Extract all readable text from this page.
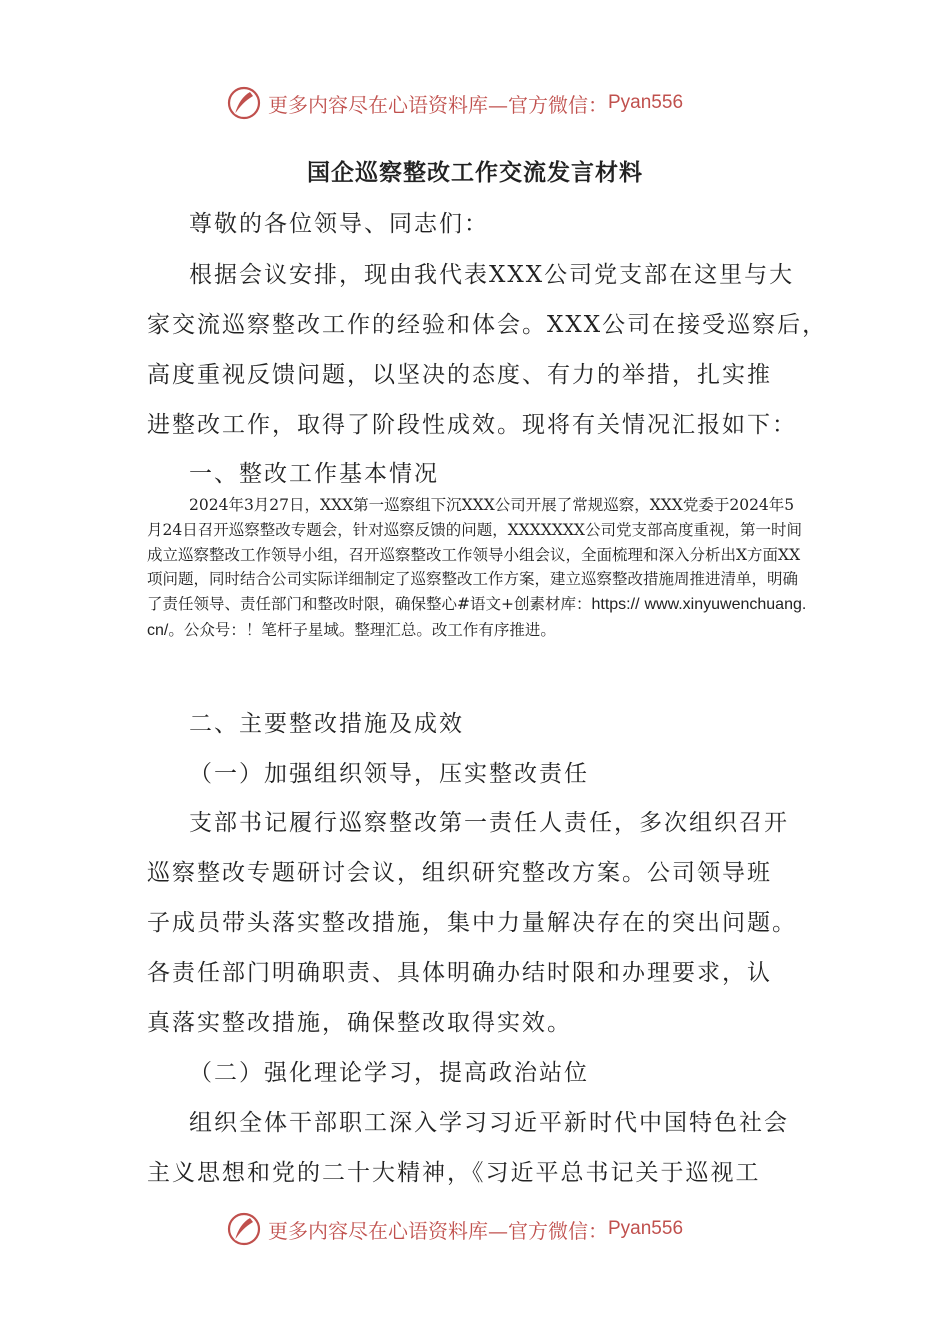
更多内容尽在心语资料库—官方微信： Pyan556
国企巡察整改工作交流发言材料
尊敬的各位领导、同志们：
根据会议安排，现由我代表XXX公司党支部在这里与大
家交流巡察整改工作的经验和体会。XXX公司在接受巡察后，
高度重视反馈问题，以坚决的态度、有力的举措，扎实推
进整改工作，取得了阶段性成效。现将有关情况汇报如下：
一、整改工作基本情况
2024年3月27日，XXX第一巡察组下沉XXX公司开展了常规巡察，XXX党委于2024年5月24日召开巡察整改专题会，针对巡察反馈的问题，XXXXXXX公司党支部高度重视，第一时间成立巡察整改工作领导小组，召开巡察整改工作领导小组会议，全面梳理和深入分析出X方面XX项问题，同时结合公司实际详细制定了巡察整改工作方案，建立巡察整改措施周推进清单，明确了责任领导、责任部门和整改时限，确保整心#语文+创素材库：https:// www.xinyuwenchuang.cn/。公众号：！笔杆子星域。整理汇总。改工作有序推进。
二、主要整改措施及成效
（一）加强组织领导，压实整改责任
支部书记履行巡察整改第一责任人责任，多次组织召开
巡察整改专题研讨会议，组织研究整改方案。公司领导班
子成员带头落实整改措施，集中力量解决存在的突出问题。
各责任部门明确职责、具体明确办结时限和办理要求，认
真落实整改措施，确保整改取得实效。
（二）强化理论学习，提高政治站位
组织全体干部职工深入学习习近平新时代中国特色社会
主义思想和党的二十大精神，《习近平总书记关于巡视工
更多内容尽在心语资料库—官方微信： Pyan556
